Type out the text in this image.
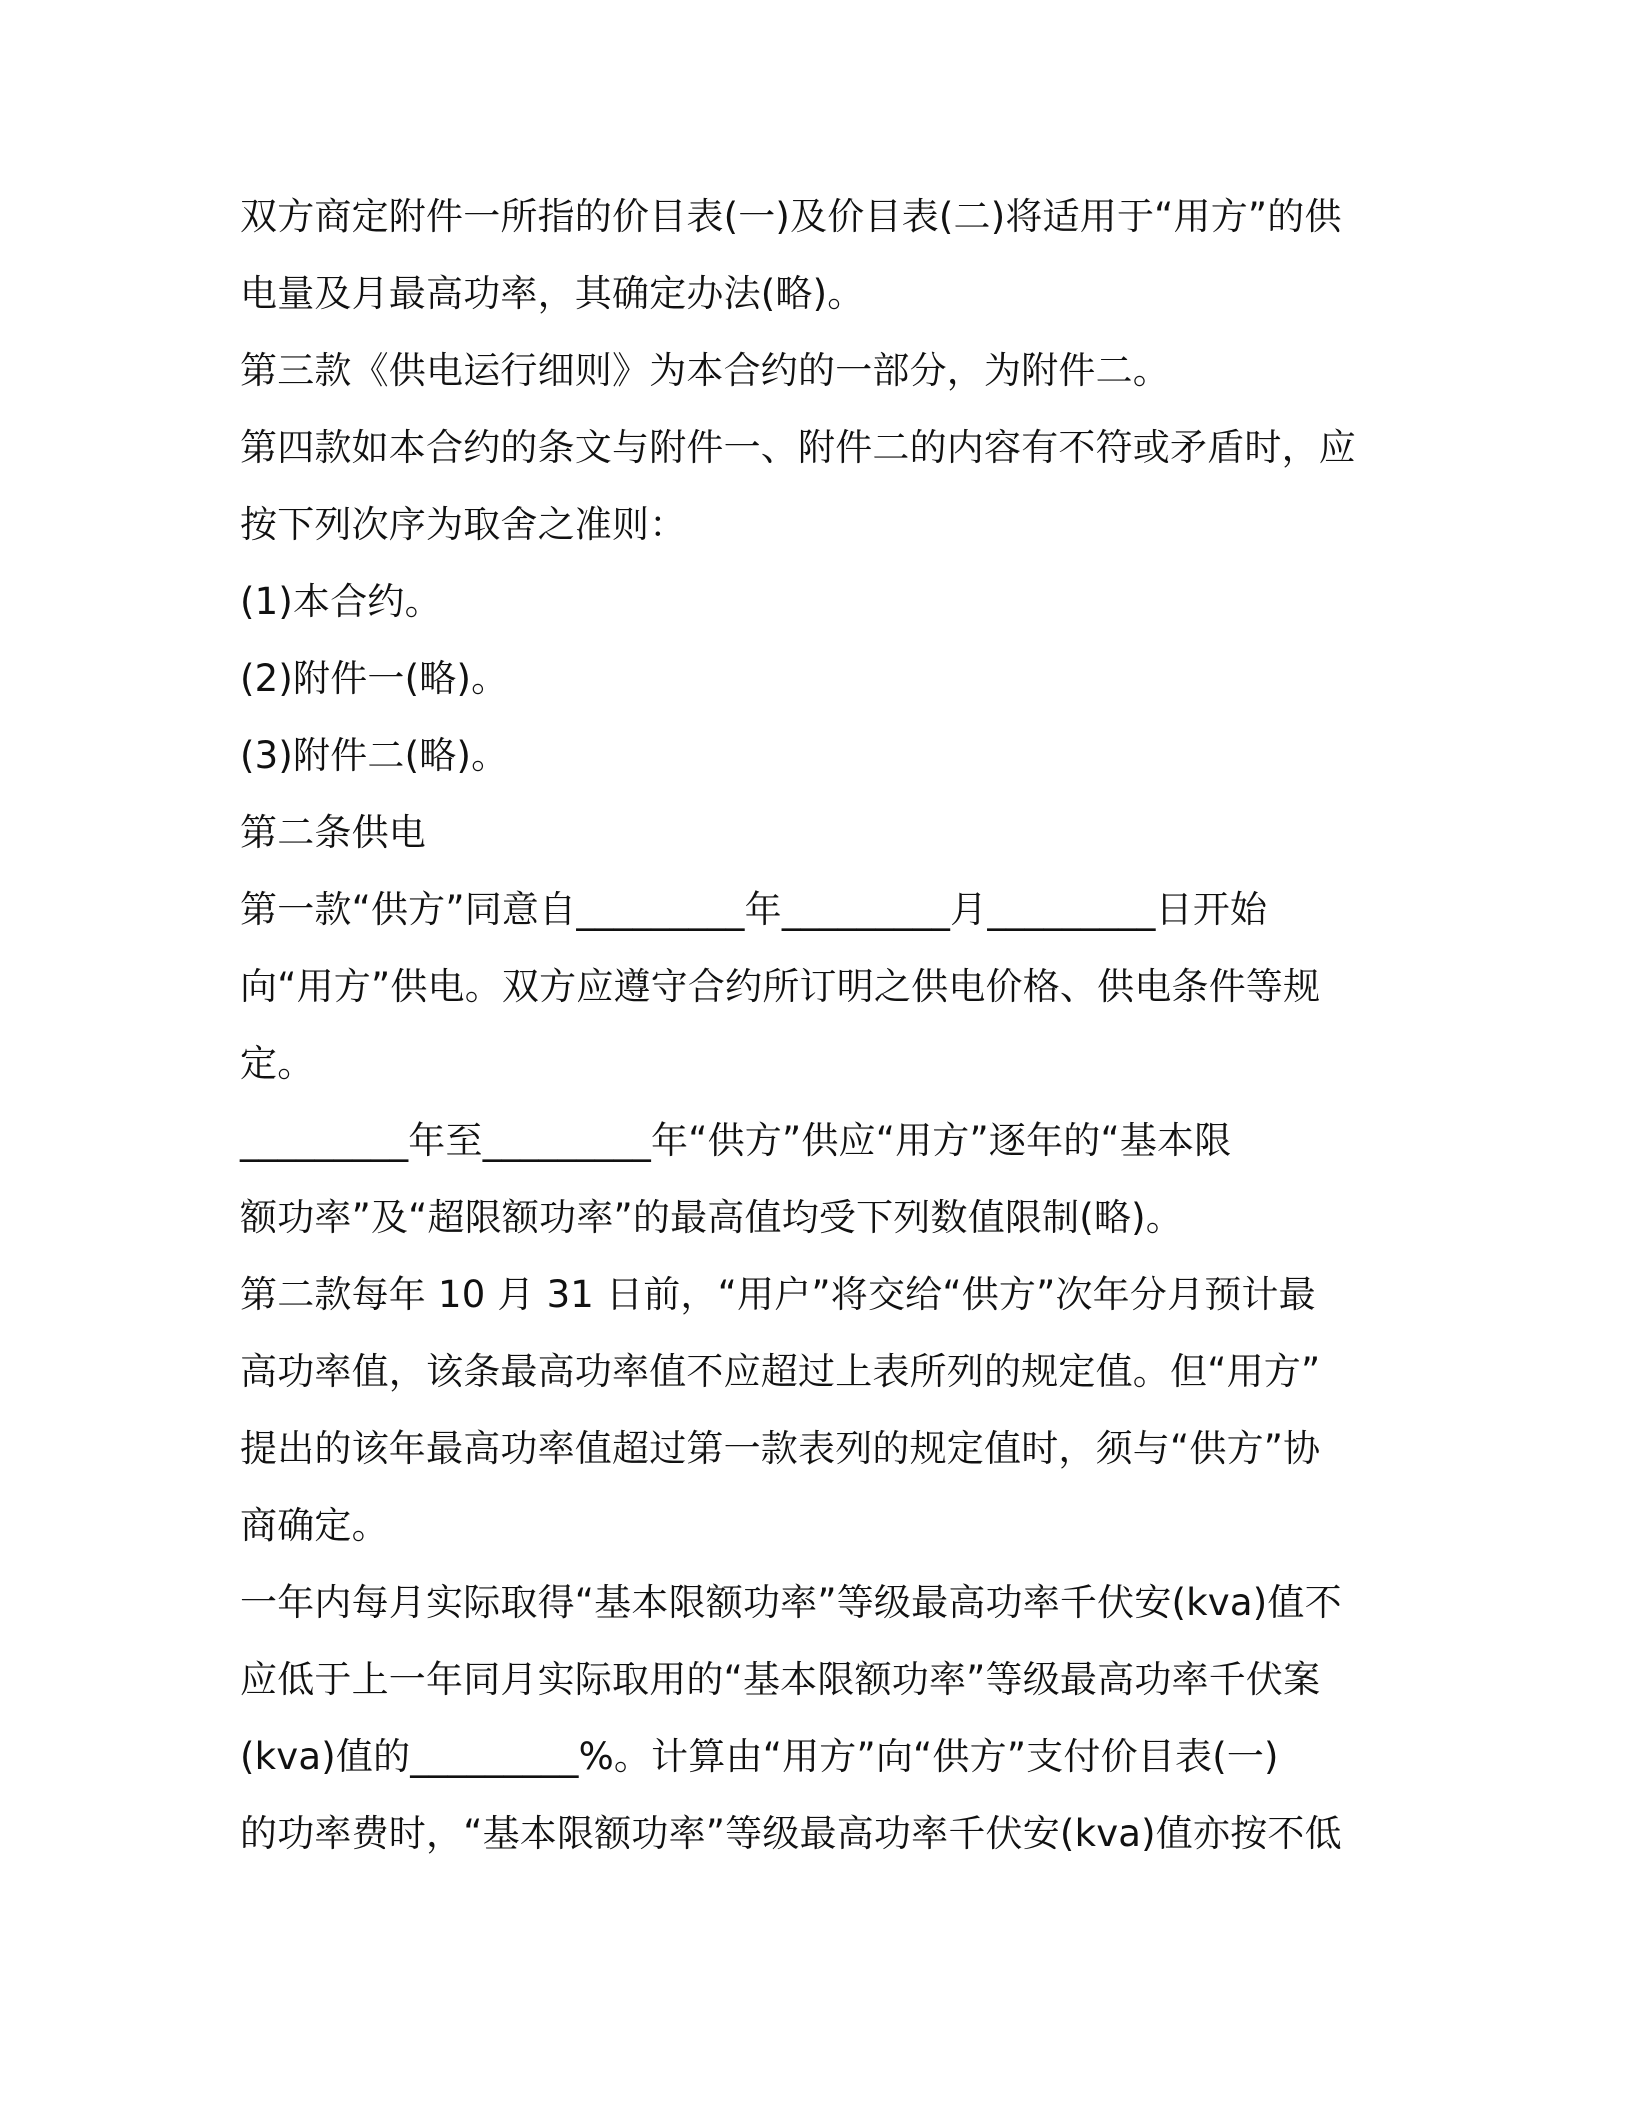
双方商定附件一所指的价目表(一)及价目表(二)将适用于“用方”的供
电量及月最高功率，其确定办法(略)。
第三款《供电运行细则》为本合约的一部分，为附件二。
第四款如本合约的条文与附件一、附件二的内容有不符或矛盾时，应
按下列次序为取舍之准则：
(1)本合约。
(2)附件一(略)。
(3)附件二(略)。
第二条供电
第一款“供方”同意自_________年_________月_________日开始
向“用方”供电。双方应遵守合约所订明之供电价格、供电条件等规
定。
_________年至_________年“供方”供应“用方”逐年的“基本限
额功率”及“超限额功率”的最高值均受下列数值限制(略)。
第二款每年 10 月 31 日前，“用户”将交给“供方”次年分月预计最
高功率值，该条最高功率值不应超过上表所列的规定值。但“用方”
提出的该年最高功率值超过第一款表列的规定值时，须与“供方”协
商确定。
一年内每月实际取得“基本限额功率”等级最高功率千伏安(kva)值不
应低于上一年同月实际取用的“基本限额功率”等级最高功率千伏案
(kva)值的_________%。计算由“用方”向“供方”支付价目表(一)
的功率费时，“基本限额功率”等级最高功率千伏安(kva)值亦按不低
